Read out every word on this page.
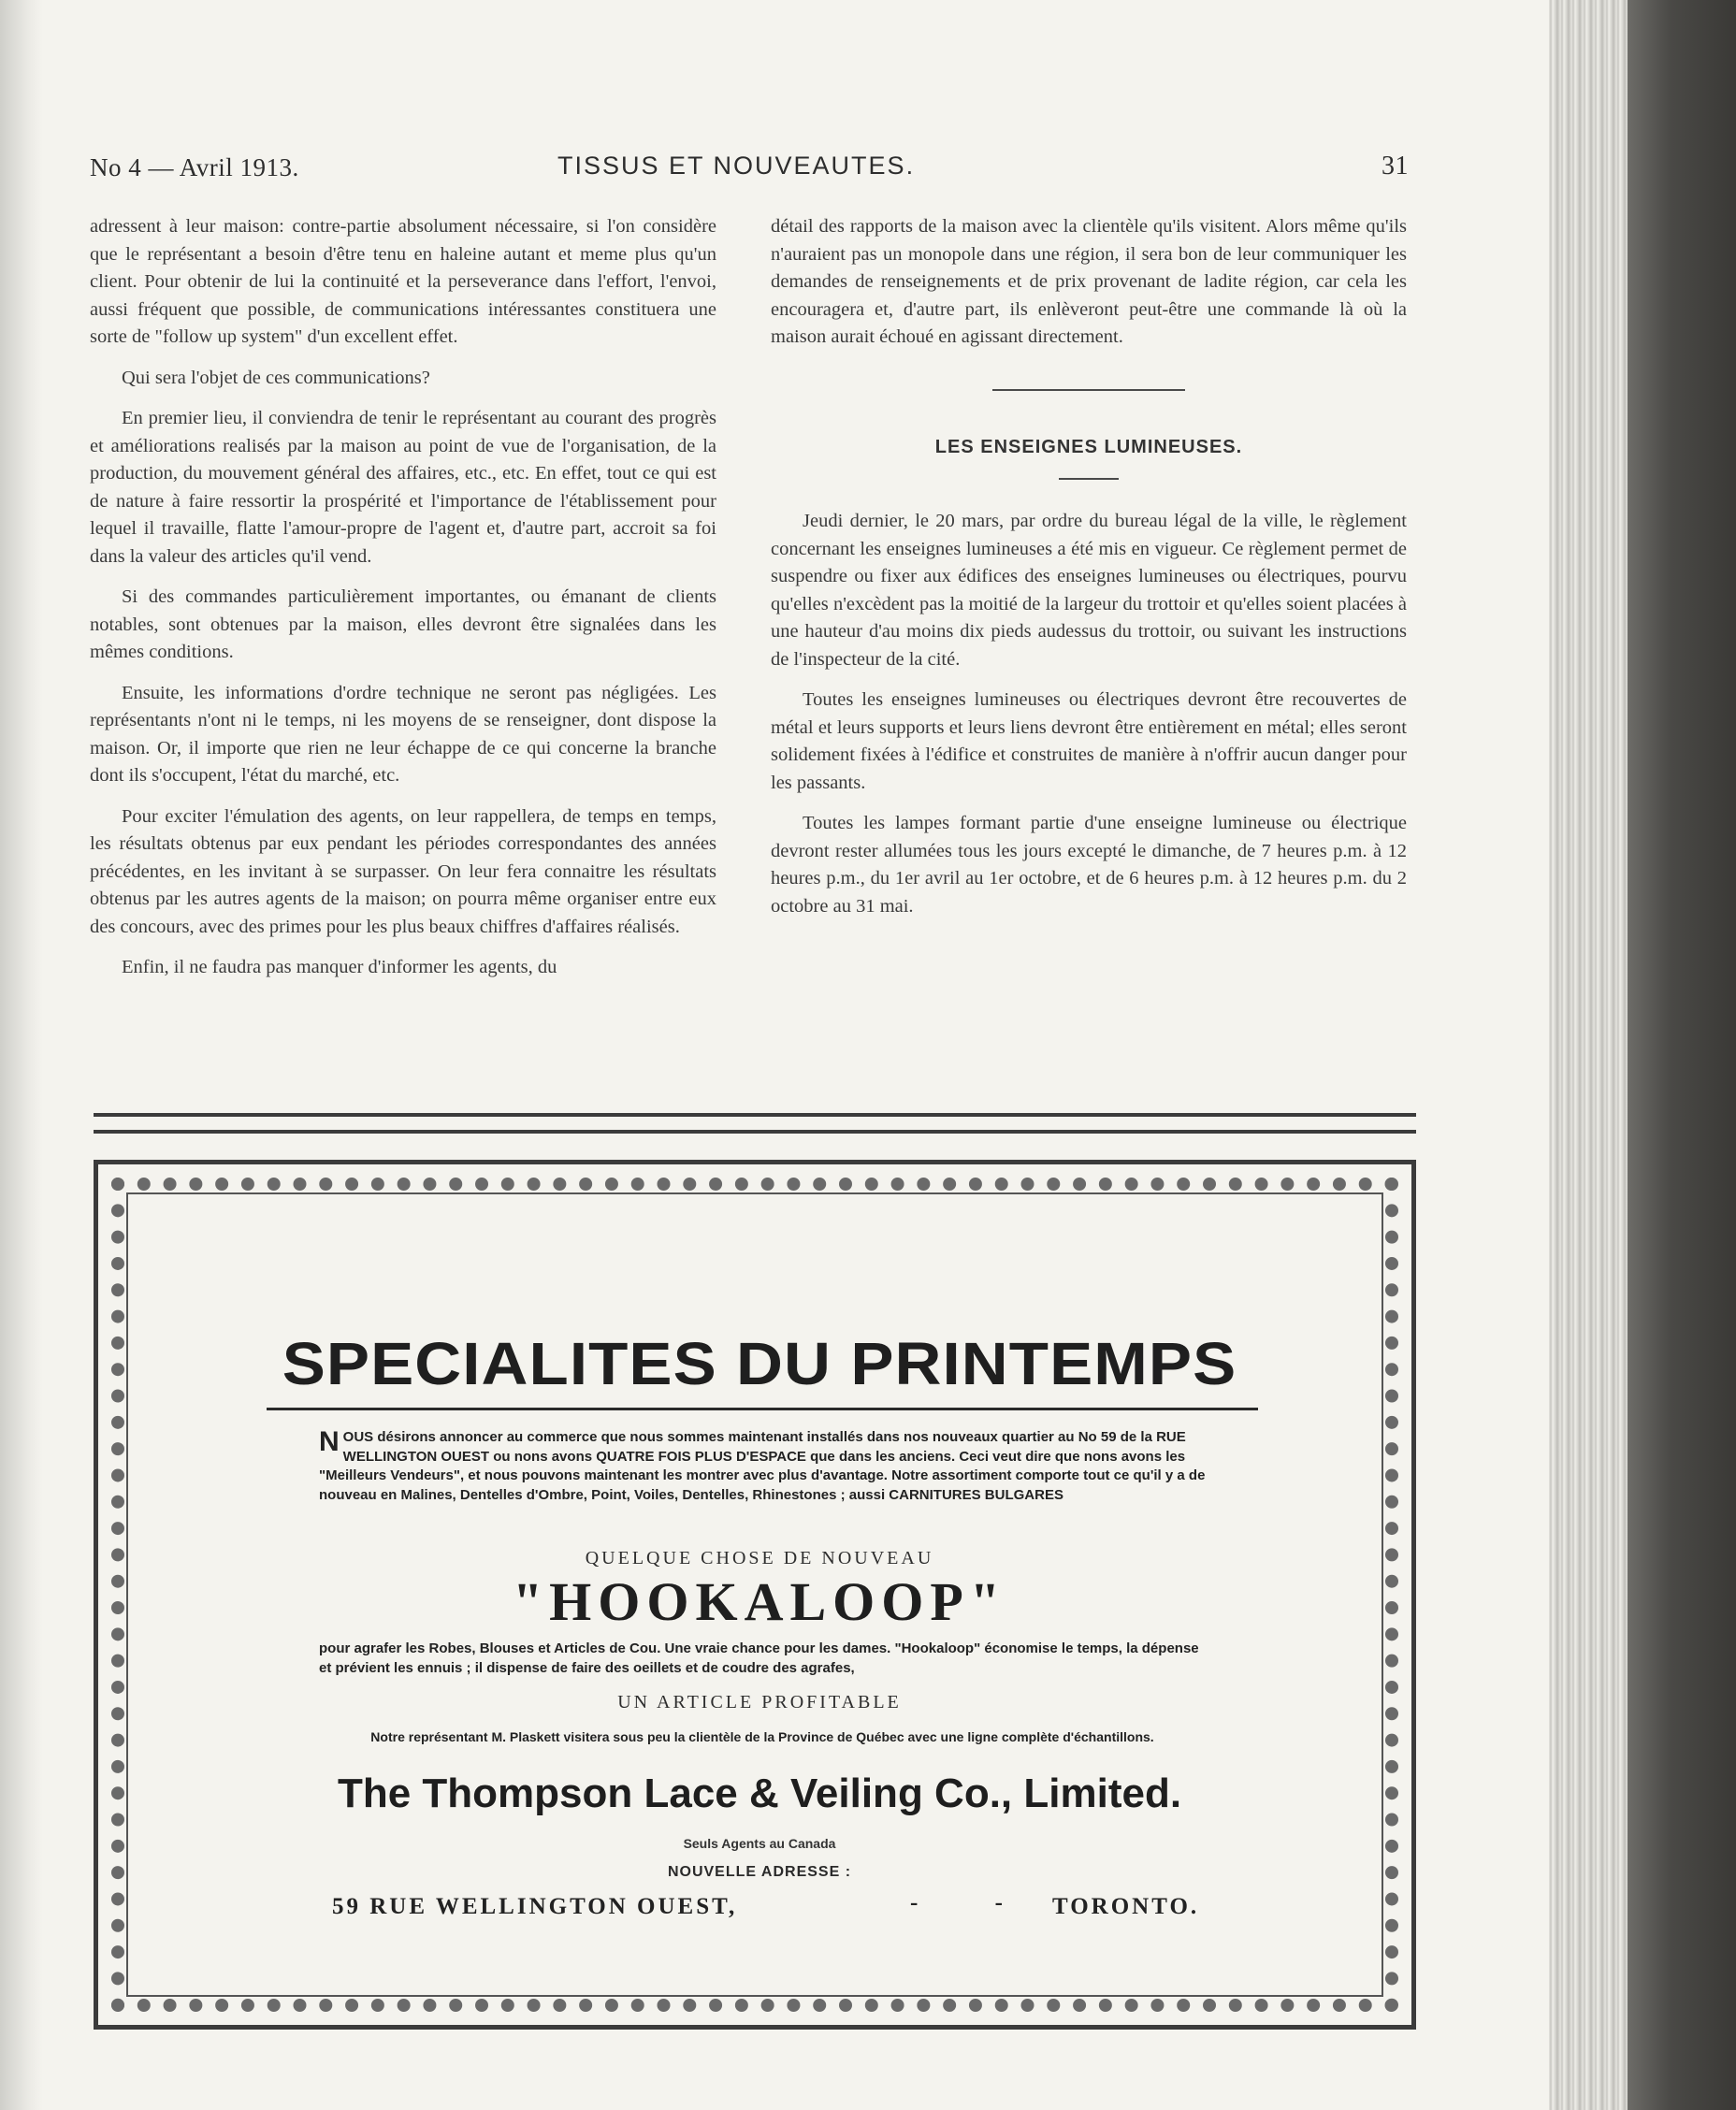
No 4 — Avril 1913.	TISSUS ET NOUVEAUTES.	31

adressent à leur maison: contre-partie absolument nécessaire, si l'on considère que le représentant a besoin d'être tenu en haleine autant et meme plus qu'un client. Pour obtenir de lui la continuité et la perseverance dans l'effort, l'envoi, aussi fréquent que possible, de communications intéressantes constituera une sorte de "follow up system" d'un excellent effet.

Qui sera l'objet de ces communications?

En premier lieu, il conviendra de tenir le représentant au courant des progrès et améliorations realisés par la maison au point de vue de l'organisation, de la production, du mouvement général des affaires, etc., etc. En effet, tout ce qui est de nature à faire ressortir la prospérité et l'importance de l'établissement pour lequel il travaille, flatte l'amour-propre de l'agent et, d'autre part, accroit sa foi dans la valeur des articles qu'il vend.

Si des commandes particulièrement importantes, ou émanant de clients notables, sont obtenues par la maison, elles devront être signalées dans les mêmes conditions.

Ensuite, les informations d'ordre technique ne seront pas négligées. Les représentants n'ont ni le temps, ni les moyens de se renseigner, dont dispose la maison. Or, il importe que rien ne leur échappe de ce qui concerne la branche dont ils s'occupent, l'état du marché, etc.

Pour exciter l'émulation des agents, on leur rappellera, de temps en temps, les résultats obtenus par eux pendant les périodes correspondantes des années précédentes, en les invitant à se surpasser. On leur fera connaitre les résultats obtenus par les autres agents de la maison; on pourra même organiser entre eux des concours, avec des primes pour les plus beaux chiffres d'affaires réalisés.

Enfin, il ne faudra pas manquer d'informer les agents, du

détail des rapports de la maison avec la clientèle qu'ils visitent. Alors même qu'ils n'auraient pas un monopole dans une région, il sera bon de leur communiquer les demandes de renseignements et de prix provenant de ladite région, car cela les encouragera et, d'autre part, ils enlèveront peut-être une commande là où la maison aurait échoué en agissant directement.

LES ENSEIGNES LUMINEUSES.

Jeudi dernier, le 20 mars, par ordre du bureau légal de la ville, le règlement concernant les enseignes lumineuses a été mis en vigueur. Ce règlement permet de suspendre ou fixer aux édifices des enseignes lumineuses ou électriques, pourvu qu'elles n'excèdent pas la moitié de la largeur du trottoir et qu'elles soient placées à une hauteur d'au moins dix pieds audessus du trottoir, ou suivant les instructions de l'inspecteur de la cité.

Toutes les enseignes lumineuses ou électriques devront être recouvertes de métal et leurs supports et leurs liens devront être entièrement en métal; elles seront solidement fixées à l'édifice et construites de manière à n'offrir aucun danger pour les passants.

Toutes les lampes formant partie d'une enseigne lumineuse ou électrique devront rester allumées tous les jours excepté le dimanche, de 7 heures p.m. à 12 heures p.m., du 1er avril au 1er octobre, et de 6 heures p.m. à 12 heures p.m. du 2 octobre au 31 mai.

SPECIALITES DU PRINTEMPS
NOUS désirons annoncer au commerce que nous sommes maintenant installés dans nos nouveaux quartier au No 59 de la RUE WELLINGTON OUEST ou nons avons QUATRE FOIS PLUS D'ESPACE que dans les anciens. Ceci veut dire que nons avons les "Meilleurs Vendeurs", et nous pouvons maintenant les montrer avec plus d'avantage. Notre assortiment comporte tout ce qu'il y a de nouveau en Malines, Dentelles d'Ombre, Point, Voiles, Dentelles, Rhinestones ; aussi CARNITURES BULGARES
QUELQUE CHOSE DE NOUVEAU
"HOOKALOOP"
pour agrafer les Robes, Blouses et Articles de Cou. Une vraie chance pour les dames. "Hookaloop" économise le temps, la dépense et prévient les ennuis ; il dispense de faire des oeillets et de coudre des agrafes,
UN ARTICLE PROFITABLE
Notre représentant M. Plaskett visitera sous peu la clientèle de la Province de Québec avec une ligne complète d'échantillons.
The Thompson Lace & Veiling Co., Limited.
Seuls Agents au Canada
NOUVELLE ADRESSE :
59 RUE WELLINGTON OUEST,	- - TORONTO.
